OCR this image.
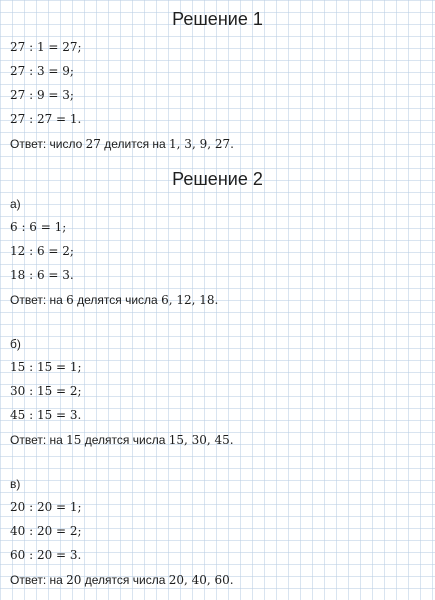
Решение 1
27 : 1 = 27;
27 : 3 = 9;
27 : 9 = 3;
27 : 27 = 1.
Ответ: число 27 делится на 1, 3, 9, 27.
Решение 2
а)
6 : 6 = 1;
12 : 6 = 2;
18 : 6 = 3.
Ответ: на 6 делятся числа 6, 12, 18.
б)
15 : 15 = 1;
30 : 15 = 2;
45 : 15 = 3.
Ответ: на 15 делятся числа 15, 30, 45.
в)
20 : 20 = 1;
40 : 20 = 2;
60 : 20 = 3.
Ответ: на 20 делятся числа 20, 40, 60.
